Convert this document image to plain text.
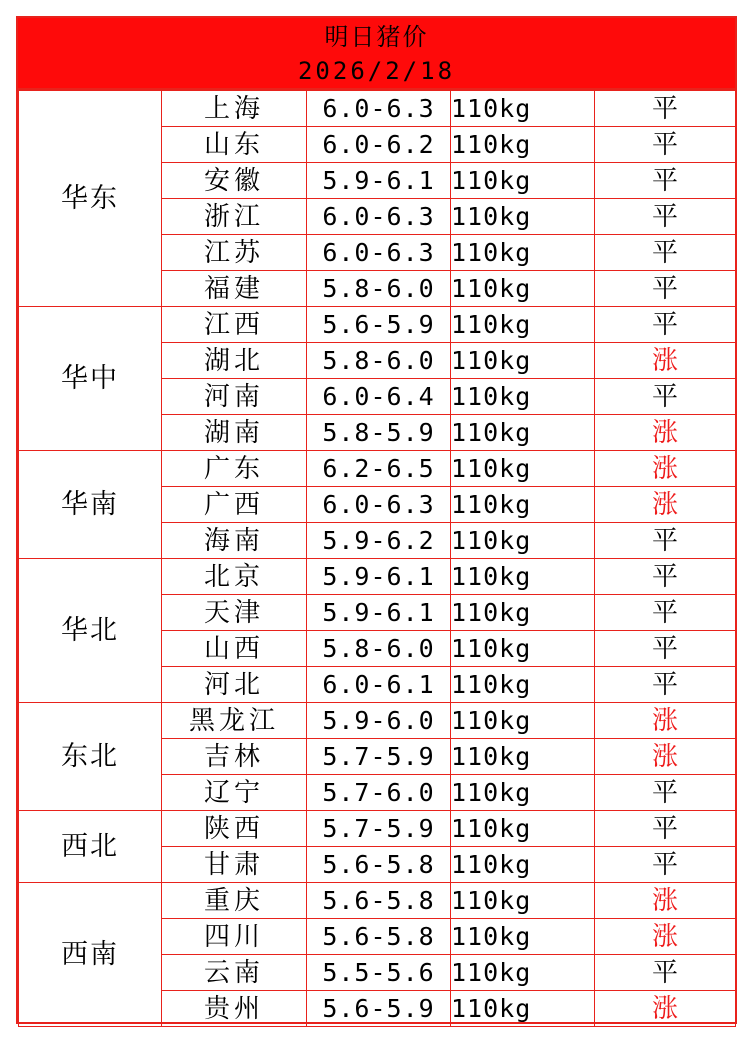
明日猪价
2026/2/18
华东	上海	6.0-6.3	110kg	平
	山东	6.0-6.2	110kg	平
	安徽	5.9-6.1	110kg	平
	浙江	6.0-6.3	110kg	平
	江苏	6.0-6.3	110kg	平
	福建	5.8-6.0	110kg	平
华中	江西	5.6-5.9	110kg	平
	湖北	5.8-6.0	110kg	涨
	河南	6.0-6.4	110kg	平
	湖南	5.8-5.9	110kg	涨
华南	广东	6.2-6.5	110kg	涨
	广西	6.0-6.3	110kg	涨
	海南	5.9-6.2	110kg	平
华北	北京	5.9-6.1	110kg	平
	天津	5.9-6.1	110kg	平
	山西	5.8-6.0	110kg	平
	河北	6.0-6.1	110kg	平
东北	黑龙江	5.9-6.0	110kg	涨
	吉林	5.7-5.9	110kg	涨
	辽宁	5.7-6.0	110kg	平
西北	陕西	5.7-5.9	110kg	平
	甘肃	5.6-5.8	110kg	平
西南	重庆	5.6-5.8	110kg	涨
	四川	5.6-5.8	110kg	涨
	云南	5.5-5.6	110kg	平
	贵州	5.6-5.9	110kg	涨
